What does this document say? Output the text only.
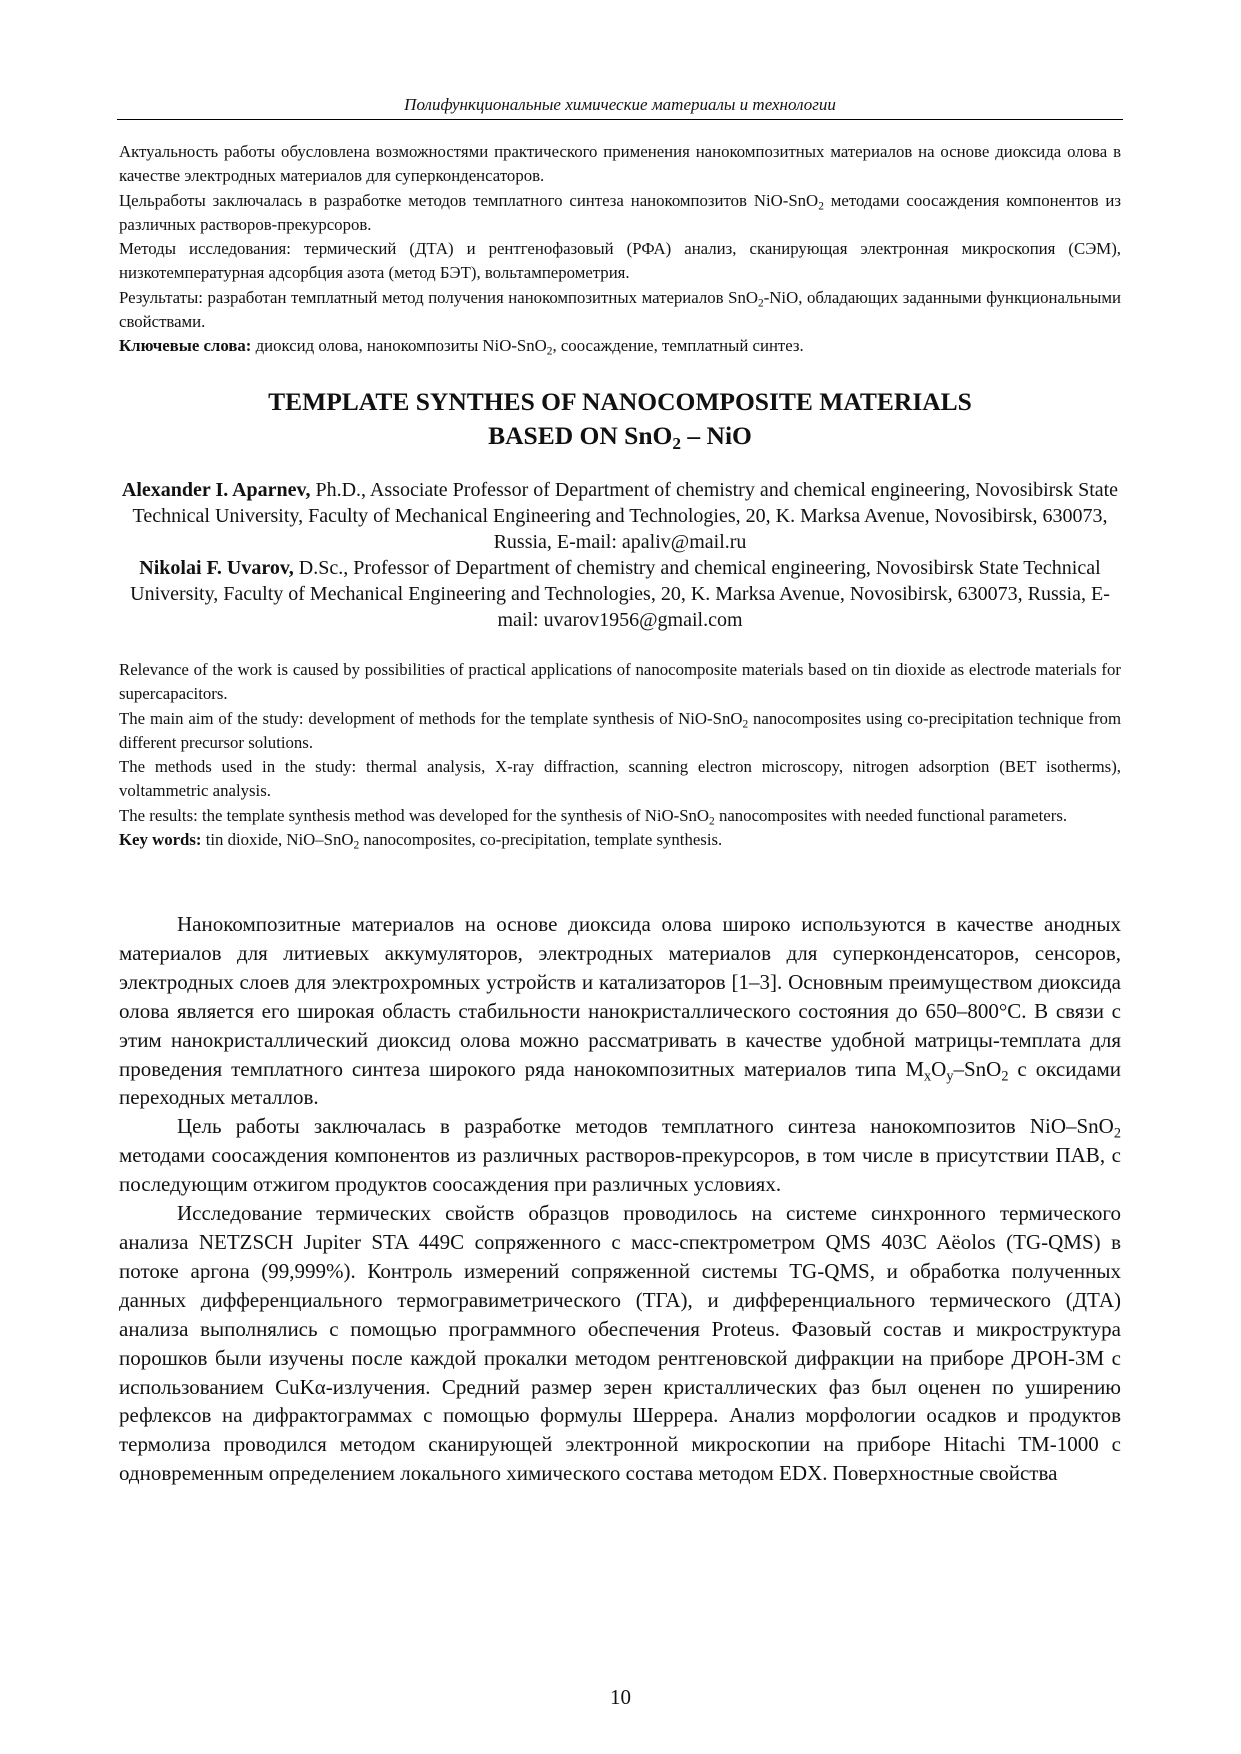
Полифункциональные химические материалы и технологии

Актуальность работы обусловлена возможностями практического применения нанокомпозитных материалов на основе диоксида олова в качестве электродных материалов для суперконденсаторов.

Цельработы заключалась в разработке методов темплатного синтеза нанокомпозитов NiO-SnO$_2$ методами соосаждения компонентов из различных растворов-прекурсоров.

Методы исследования: термический (ДТА) и рентгенофазовый (РФА) анализ, сканирующая электронная микроскопия (СЭМ), низкотемпературная адсорбция азота (метод БЭТ), вольтамперометрия.

Результаты: разработан темплатный метод получения нанокомпозитных материалов SnO$_2$-NiO, обладающих заданными функциональными свойствами.

Ключевые слова: диоксид олова, нанокомпозиты NiO-SnO$_2$, соосаждение, темплатный синтез.

TEMPLATE SYNTHES OF NANOCOMPOSITE MATERIALS
BASED ON SnO$_2$ – NiO

Alexander I. Aparnev, Ph.D., Associate Professor of Department of chemistry and chemical engineering, Novosibirsk State Technical University, Faculty of Mechanical Engineering and Technologies, 20, K. Marksa Avenue, Novosibirsk, 630073, Russia, E-mail: apaliv@mail.ru

Nikolai F. Uvarov, D.Sc., Professor of Department of chemistry and chemical engineering, Novosibirsk State Technical University, Faculty of Mechanical Engineering and Technologies, 20, K. Marksa Avenue, Novosibirsk, 630073, Russia, E-mail: uvarov1956@gmail.com

Relevance of the work is caused by possibilities of practical applications of nanocomposite materials based on tin dioxide as electrode materials for supercapacitors.

The main aim of the study: development of methods for the template synthesis of NiO-SnO$_2$ nanocomposites using co-precipitation technique from different precursor solutions.

The methods used in the study: thermal analysis, X-ray diffraction, scanning electron microscopy, nitrogen adsorption (BET isotherms), voltammetric analysis.

The results: the template synthesis method was developed for the synthesis of NiO-SnO$_2$ nanocomposites with needed functional parameters.

Key words: tin dioxide, NiO–SnO$_2$ nanocomposites, co-precipitation, template synthesis.

Нанокомпозитные материалов на основе диоксида олова широко используются в качестве анодных материалов для литиевых аккумуляторов, электродных материалов для суперконденсаторов, сенсоров, электродных слоев для электрохромных устройств и катализаторов [1–3]. Основным преимуществом диоксида олова является его широкая область стабильности нанокристаллического состояния до 650–800°С. В связи с этим нанокристаллический диоксид олова можно рассматривать в качестве удобной матрицы-темплата для проведения темплатного синтеза широкого ряда нанокомпозитных материалов типа $M_xO_y-SnO_2$ с оксидами переходных металлов.

Цель работы заключалась в разработке методов темплатного синтеза нанокомпозитов NiO–SnO$_2$ методами соосаждения компонентов из различных растворов-прекурсоров, в том числе в присутствии ПАВ, с последующим отжигом продуктов соосаждения при различных условиях.

Исследование термических свойств образцов проводилось на системе синхронного термического анализа NETZSCH Jupiter STA 449C сопряженного с масс-спектрометром QMS 403C Aëolos (TG-QMS) в потоке аргона (99,999%). Контроль измерений сопряженной системы TG-QMS, и обработка полученных данных дифференциального термогравиметрического (ТГА), и дифференциального термического (ДТА) анализа выполнялись с помощью программного обеспечения Proteus. Фазовый состав и микроструктура порошков были изучены после каждой прокалки методом рентгеновской дифракции на приборе ДРОН-3М с использованием CuKα-излучения. Средний размер зерен кристаллических фаз был оценен по уширению рефлексов на дифрактограммах с помощью формулы Шеррера. Анализ морфологии осадков и продуктов термолиза проводился методом сканирующей электронной микроскопии на приборе Hitachi TM-1000 с одновременным определением локального химического состава методом EDX. Поверхностные свойства

10
